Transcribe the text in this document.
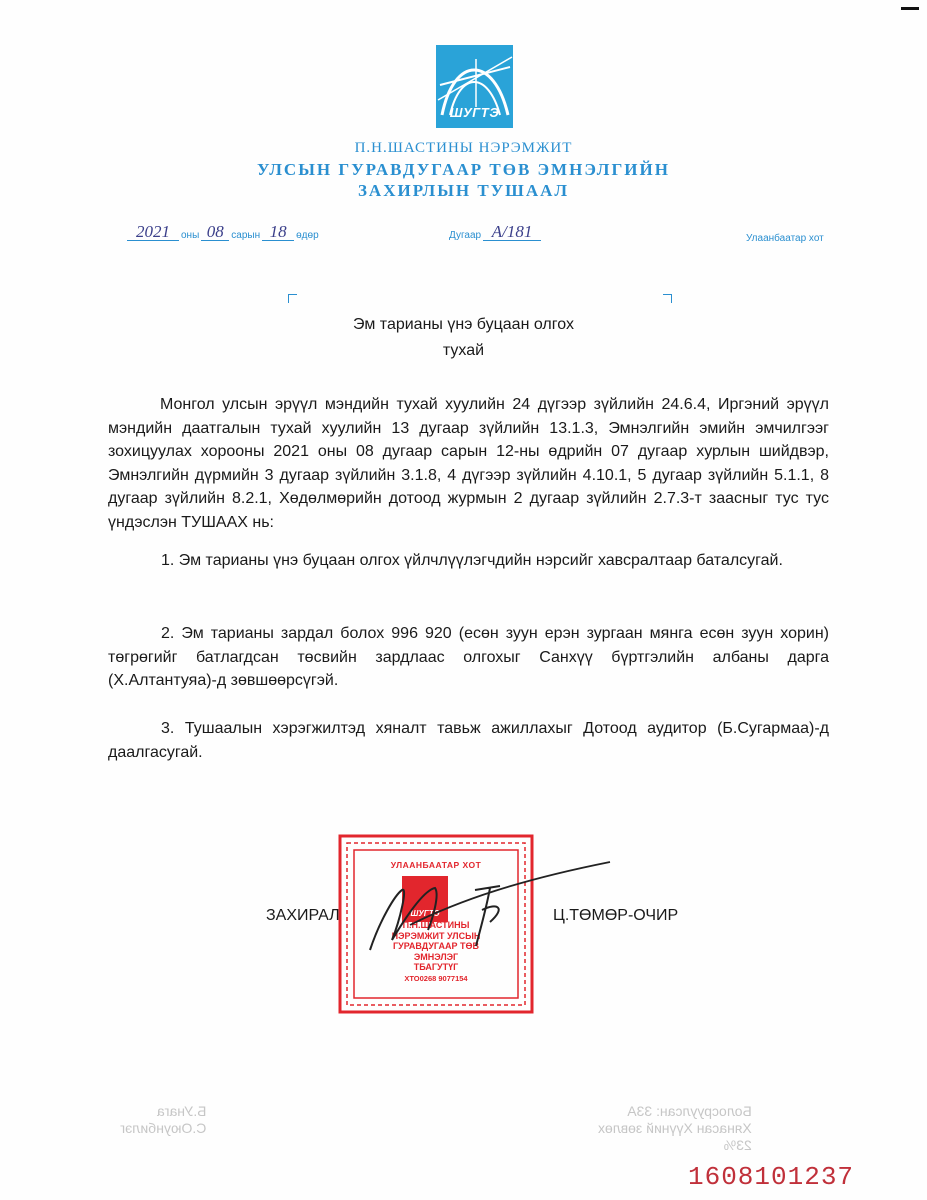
ШУГТЭ
П.Н.ШАСТИНЫ НЭРЭМЖИТ
УЛСЫН ГУРАВДУГААР ТӨВ ЭМНЭЛГИЙН
ЗАХИРЛЫН ТУШААЛ
2021 оны 08 сарын 18 өдөр	Дугаар А/181	Улаанбаатар хот
Эм тарианы үнэ буцаан олгох
тухай
Монгол улсын эрүүл мэндийн тухай хуулийн 24 дүгээр зүйлийн 24.6.4, Иргэний эрүүл мэндийн даатгалын тухай хуулийн 13 дугаар зүйлийн 13.1.3, Эмнэлгийн эмийн эмчилгээг зохицуулах хорооны 2021 оны 08 дугаар сарын 12-ны өдрийн 07 дугаар хурлын шийдвэр, Эмнэлгийн дүрмийн 3 дугаар зүйлийн 3.1.8, 4 дүгээр зүйлийн 4.10.1, 5 дугаар зүйлийн 5.1.1, 8 дугаар зүйлийн 8.2.1, Хөдөлмөрийн дотоод журмын 2 дугаар зүйлийн 2.7.3-т заасныг тус тус үндэслэн ТУШААХ нь:
1. Эм тарианы үнэ буцаан олгох үйлчлүүлэгчдийн нэрсийг хавсралтаар баталсугай.
2. Эм тарианы зардал болох 996 920 (есөн зуун ерэн зургаан мянга есөн зуун хорин) төгрөгийг батлагдсан төсвийн зардлаас олгохыг Санхүү бүртгэлийн албаны дарга (Х.Алтантуяа)-д зөвшөөрсүгэй.
3. Тушаалын хэрэгжилтэд хяналт тавьж ажиллахыг Дотоод аудитор (Б.Сугармаа)-д даалгасугай.
УЛААНБААТАР ХОТ
ШУГТЭ
П.Н.ШАСТИНЫ
НЭРЭМЖИТ УЛСЫН
ГУРАВДУГААР ТӨВ
ЭМНЭЛЭГ
ТБАГУТҮГ
ХТО0268 9077154
ЗАХИРАЛ	Ц.ТӨМӨР-ОЧИР
Болосруулсан: 33А
Хянасан Хүүний зөвлөх
23%
Б.Унага
С.Оюунбилэг
1608101237
